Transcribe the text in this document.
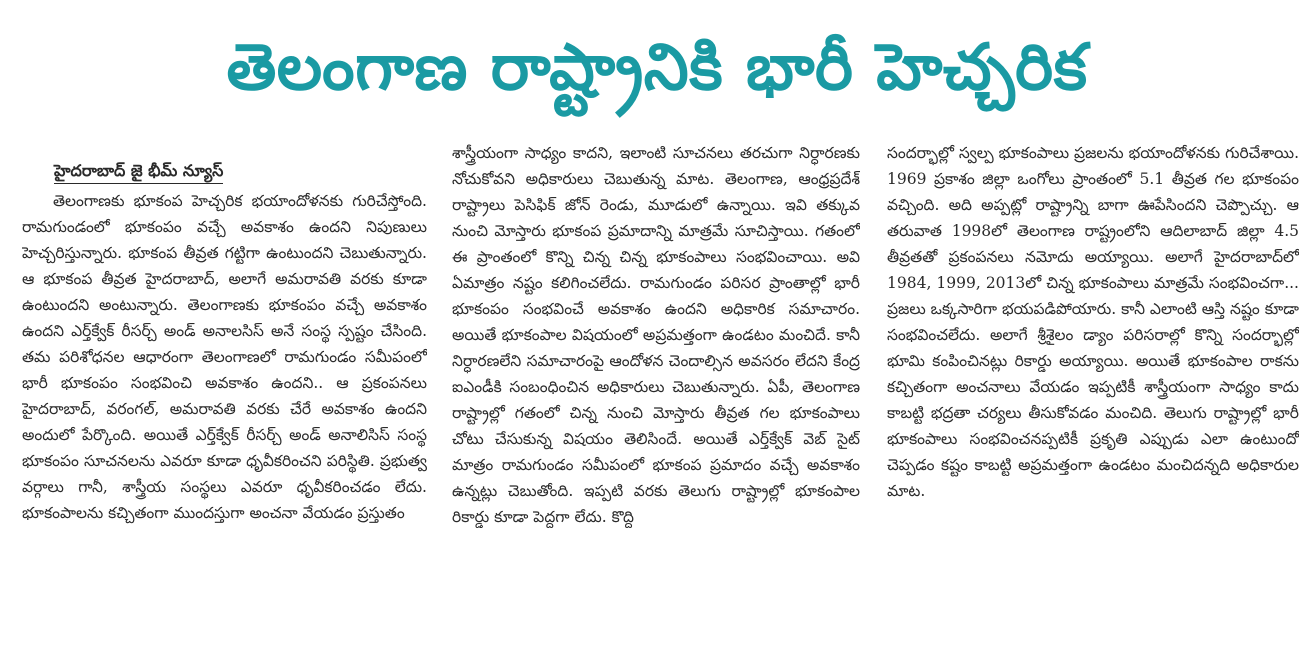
తెలంగాణ రాష్ట్రానికి భారీ హెచ్చరిక
హైదరాబాద్ జై భీమ్ న్యూస్

తెలంగాణకు భూకంప హెచ్చరిక భయాందోళనకు గురిచేస్తోంది. రామగుండంలో భూకంపం వచ్చే అవకాశం ఉందని నిపుణులు హెచ్చరిస్తున్నారు. భూకంప తీవ్రత గట్టిగా ఉంటుందని చెబుతున్నారు. ఆ భూకంప తీవ్రత హైదరాబాద్, అలాగే అమరావతి వరకు కూడా ఉంటుందని అంటున్నారు. తెలంగాణకు భూకంపం వచ్చే అవకాశం ఉందని ఎర్త్‌క్వేక్ రీసర్చ్ అండ్ అనాలసిస్ అనే సంస్థ స్పష్టం చేసింది. తమ పరిశోధనల ఆధారంగా తెలంగాణలో రామగుండం సమీపంలో భారీ భూకంపం సంభవించి అవకాశం ఉందని.. ఆ ప్రకంపనలు హైదరాబాద్, వరంగల్, అమరావతి వరకు చేరే అవకాశం ఉందని అందులో పేర్కొంది. అయితే ఎర్త్‌క్వేక్ రీసర్చ్ అండ్ అనాలిసిస్ సంస్థ భూకంపం సూచనలను ఎవరూ కూడా ధృవీకరించని పరిస్థితి. ప్రభుత్వ వర్గాలు గానీ, శాస్త్రీయ సంస్థలు ఎవరూ ధృవీకరించడం లేదు. భూకంపాలను కచ్చితంగా ముందస్తుగా అంచనా వేయడం ప్రస్తుతం

శాస్త్రీయంగా సాధ్యం కాదని, ఇలాంటి సూచనలు తరచుగా నిర్ధారణకు నోచుకోవని అధికారులు చెబుతున్న మాట. తెలంగాణ, ఆంధ్రప్రదేశ్ రాష్ట్రాలు పెసిఫిక్ జోన్ రెండు, మూడులో ఉన్నాయి. ఇవి తక్కువ నుంచి మోస్తారు భూకంప ప్రమాదాన్ని మాత్రమే సూచిస్తాయి. గతంలో ఈ ప్రాంతంలో కొన్ని చిన్న చిన్న భూకంపాలు సంభవించాయి. అవి ఏమాత్రం నష్టం కలిగించలేదు. రామగుండం పరిసర ప్రాంతాల్లో భారీ భూకంపం సంభవించే అవకాశం ఉందని అధికారిక సమాచారం. అయితే భూకంపాల విషయంలో అప్రమత్తంగా ఉండటం మంచిదే. కానీ నిర్ధారణలేని సమాచారంపై ఆందోళన చెందాల్సిన అవసరం లేదని కేంద్ర ఐఎండీకి సంబంధించిన అధికారులు చెబుతున్నారు. ఏపీ, తెలంగాణ రాష్ట్రాల్లో గతంలో చిన్న నుంచి మోస్తారు తీవ్రత గల భూకంపాలు చోటు చేసుకున్న విషయం తెలిసిందే. అయితే ఎర్త్‌క్వేక్ వెబ్ సైట్ మాత్రం రామగుండం సమీపంలో భూకంప ప్రమాదం వచ్చే అవకాశం ఉన్నట్లు చెబుతోంది. ఇప్పటి వరకు తెలుగు రాష్ట్రాల్లో భూకంపాల రికార్డు కూడా పెద్దగా లేదు. కొద్ది

సందర్భాల్లో స్వల్ప భూకంపాలు ప్రజలను భయాందోళనకు గురిచేశాయి. 1969 ప్రకాశం జిల్లా ఒంగోలు ప్రాంతంలో 5.1 తీవ్రత గల భూకంపం వచ్చింది. అది అప్పట్లో రాష్ట్రాన్ని బాగా ఊపేసిందని చెప్పొచ్చు. ఆ తరువాత 1998లో తెలంగాణ రాష్ట్రంలోని ఆదిలాబాద్ జిల్లా 4.5 తీవ్రతతో ప్రకంపనలు నమోదు అయ్యాయి. అలాగే హైదరాబాద్‌లో 1984, 1999, 2013లో చిన్న భూకంపాలు మాత్రమే సంభవించగా... ప్రజలు ఒక్కసారిగా భయపడిపోయారు. కానీ ఎలాంటి ఆస్తి నష్టం కూడా సంభవించలేదు. అలాగే శ్రీశైలం డ్యాం పరిసరాల్లో కొన్ని సందర్భాల్లో భూమి కంపించినట్లు రికార్డు అయ్యాయి. అయితే భూకంపాల రాకను కచ్చితంగా అంచనాలు వేయడం ఇప్పటికీ శాస్త్రీయంగా సాధ్యం కాదు కాబట్టి భద్రతా చర్యలు తీసుకోవడం మంచిది. తెలుగు రాష్ట్రాల్లో భారీ భూకంపాలు సంభవించనప్పటికీ ప్రకృతి ఎప్పుడు ఎలా ఉంటుందో చెప్పడం కష్టం కాబట్టి అప్రమత్తంగా ఉండటం మంచిదన్నది అధికారుల మాట.
